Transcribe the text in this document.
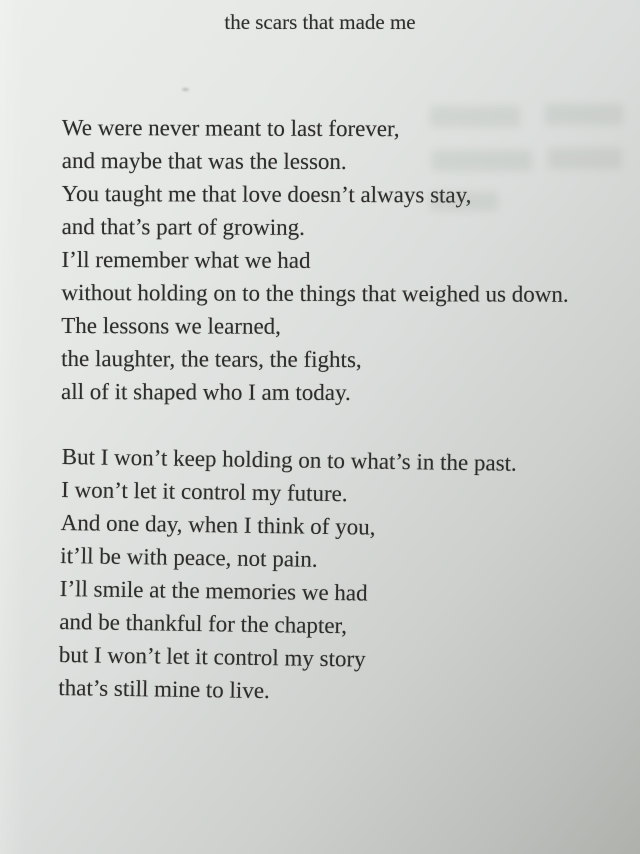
the scars that made me

We were never meant to last forever,

and maybe that was the lesson.

You taught me that love doesn’t always stay,

and that’s part of growing.

I’ll remember what we had

without holding on to the things that weighed us down.

The lessons we learned,

the laughter, the tears, the fights,

all of it shaped who I am today.

But I won’t keep holding on to what’s in the past.

I won’t let it control my future.

And one day, when I think of you,

it’ll be with peace, not pain.

I’ll smile at the memories we had

and be thankful for the chapter,

but I won’t let it control my story

that’s still mine to live.
